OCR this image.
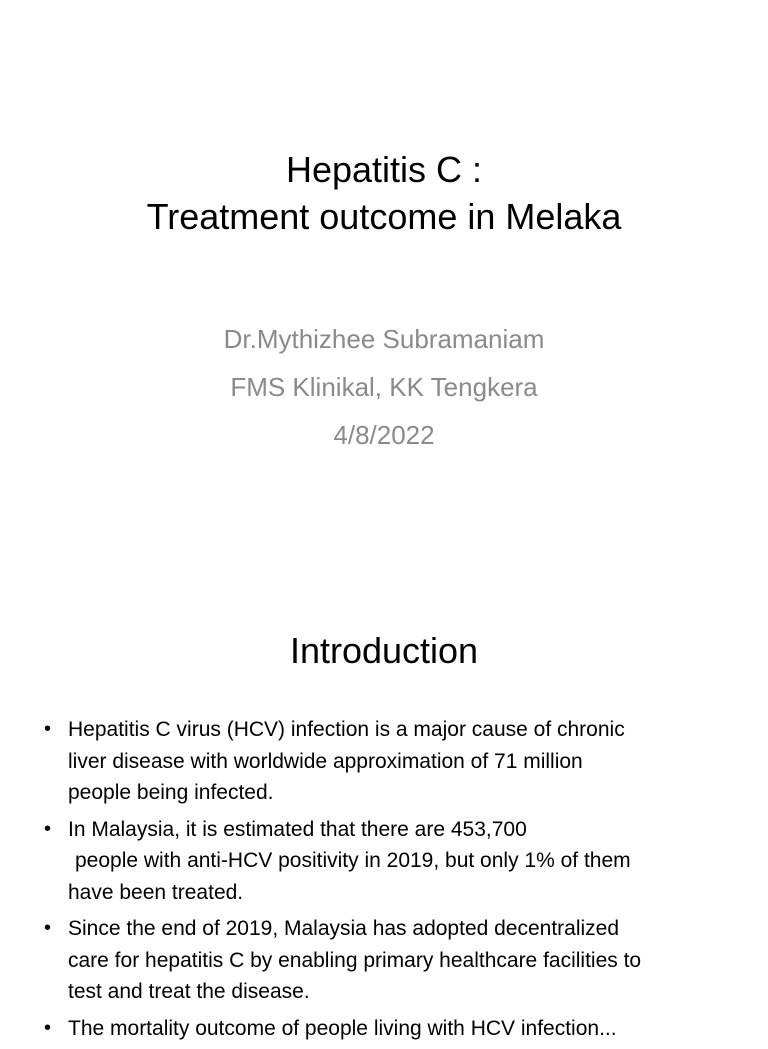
Hepatitis C :
Treatment outcome in Melaka
Dr.Mythizhee Subramaniam
FMS Klinikal, KK Tengkera
4/8/2022
Introduction
• Hepatitis C virus (HCV) infection is a major cause of chronic
liver disease with worldwide approximation of 71 million
people being infected.
• In Malaysia, it is estimated that there are 453,700
people with anti-HCV positivity in 2019, but only 1% of them
have been treated.
• Since the end of 2019, Malaysia has adopted decentralized
care for hepatitis C by enabling primary healthcare facilities to
test and treat the disease.
• The mortality outcome of people living with HCV infection...
